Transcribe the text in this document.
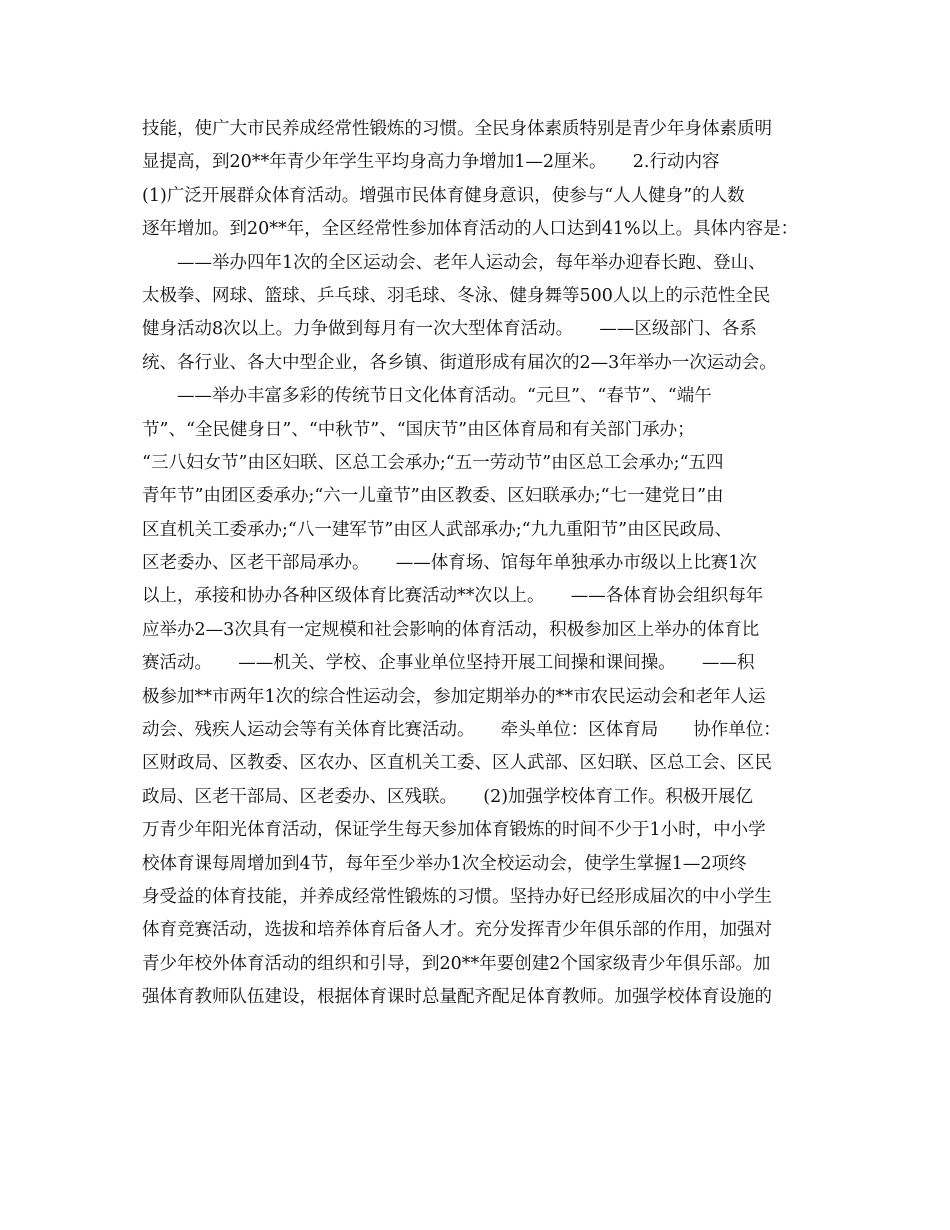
技能，使广大市民养成经常性锻炼的习惯。全民身体素质特别是青少年身体素质明
显提高，到20**年青少年学生平均身高力争增加1—2厘米。　　2.行动内容
(1)广泛开展群众体育活动。增强市民体育健身意识，使参与“人人健身”的人数
逐年增加。到20**年，全区经常性参加体育活动的人口达到41%以上。具体内容是：
　　——举办四年1次的全区运动会、老年人运动会，每年举办迎春长跑、登山、
太极拳、网球、篮球、乒乓球、羽毛球、冬泳、健身舞等500人以上的示范性全民
健身活动8次以上。力争做到每月有一次大型体育活动。　　——区级部门、各系
统、各行业、各大中型企业，各乡镇、街道形成有届次的2—3年举办一次运动会。
　　——举办丰富多彩的传统节日文化体育活动。“元旦”、“春节”、“端午
节”、“全民健身日”、“中秋节”、“国庆节”由区体育局和有关部门承办；
“三八妇女节”由区妇联、区总工会承办;“五一劳动节”由区总工会承办;“五四
青年节”由团区委承办;“六一儿童节”由区教委、区妇联承办;“七一建党日”由
区直机关工委承办;“八一建军节”由区人武部承办;“九九重阳节”由区民政局、
区老委办、区老干部局承办。　　——体育场、馆每年单独承办市级以上比赛1次
以上，承接和协办各种区级体育比赛活动**次以上。　　——各体育协会组织每年
应举办2—3次具有一定规模和社会影响的体育活动，积极参加区上举办的体育比
赛活动。　　——机关、学校、企事业单位坚持开展工间操和课间操。　　——积
极参加**市两年1次的综合性运动会，参加定期举办的**市农民运动会和老年人运
动会、残疾人运动会等有关体育比赛活动。　　牵头单位：区体育局　　协作单位：
区财政局、区教委、区农办、区直机关工委、区人武部、区妇联、区总工会、区民
政局、区老干部局、区老委办、区残联。　　(2)加强学校体育工作。积极开展亿
万青少年阳光体育活动，保证学生每天参加体育锻炼的时间不少于1小时，中小学
校体育课每周增加到4节，每年至少举办1次全校运动会，使学生掌握1—2项终
身受益的体育技能，并养成经常性锻炼的习惯。坚持办好已经形成届次的中小学生
体育竞赛活动，选拔和培养体育后备人才。充分发挥青少年俱乐部的作用，加强对
青少年校外体育活动的组织和引导，到20**年要创建2个国家级青少年俱乐部。加
强体育教师队伍建设，根据体育课时总量配齐配足体育教师。加强学校体育设施的
